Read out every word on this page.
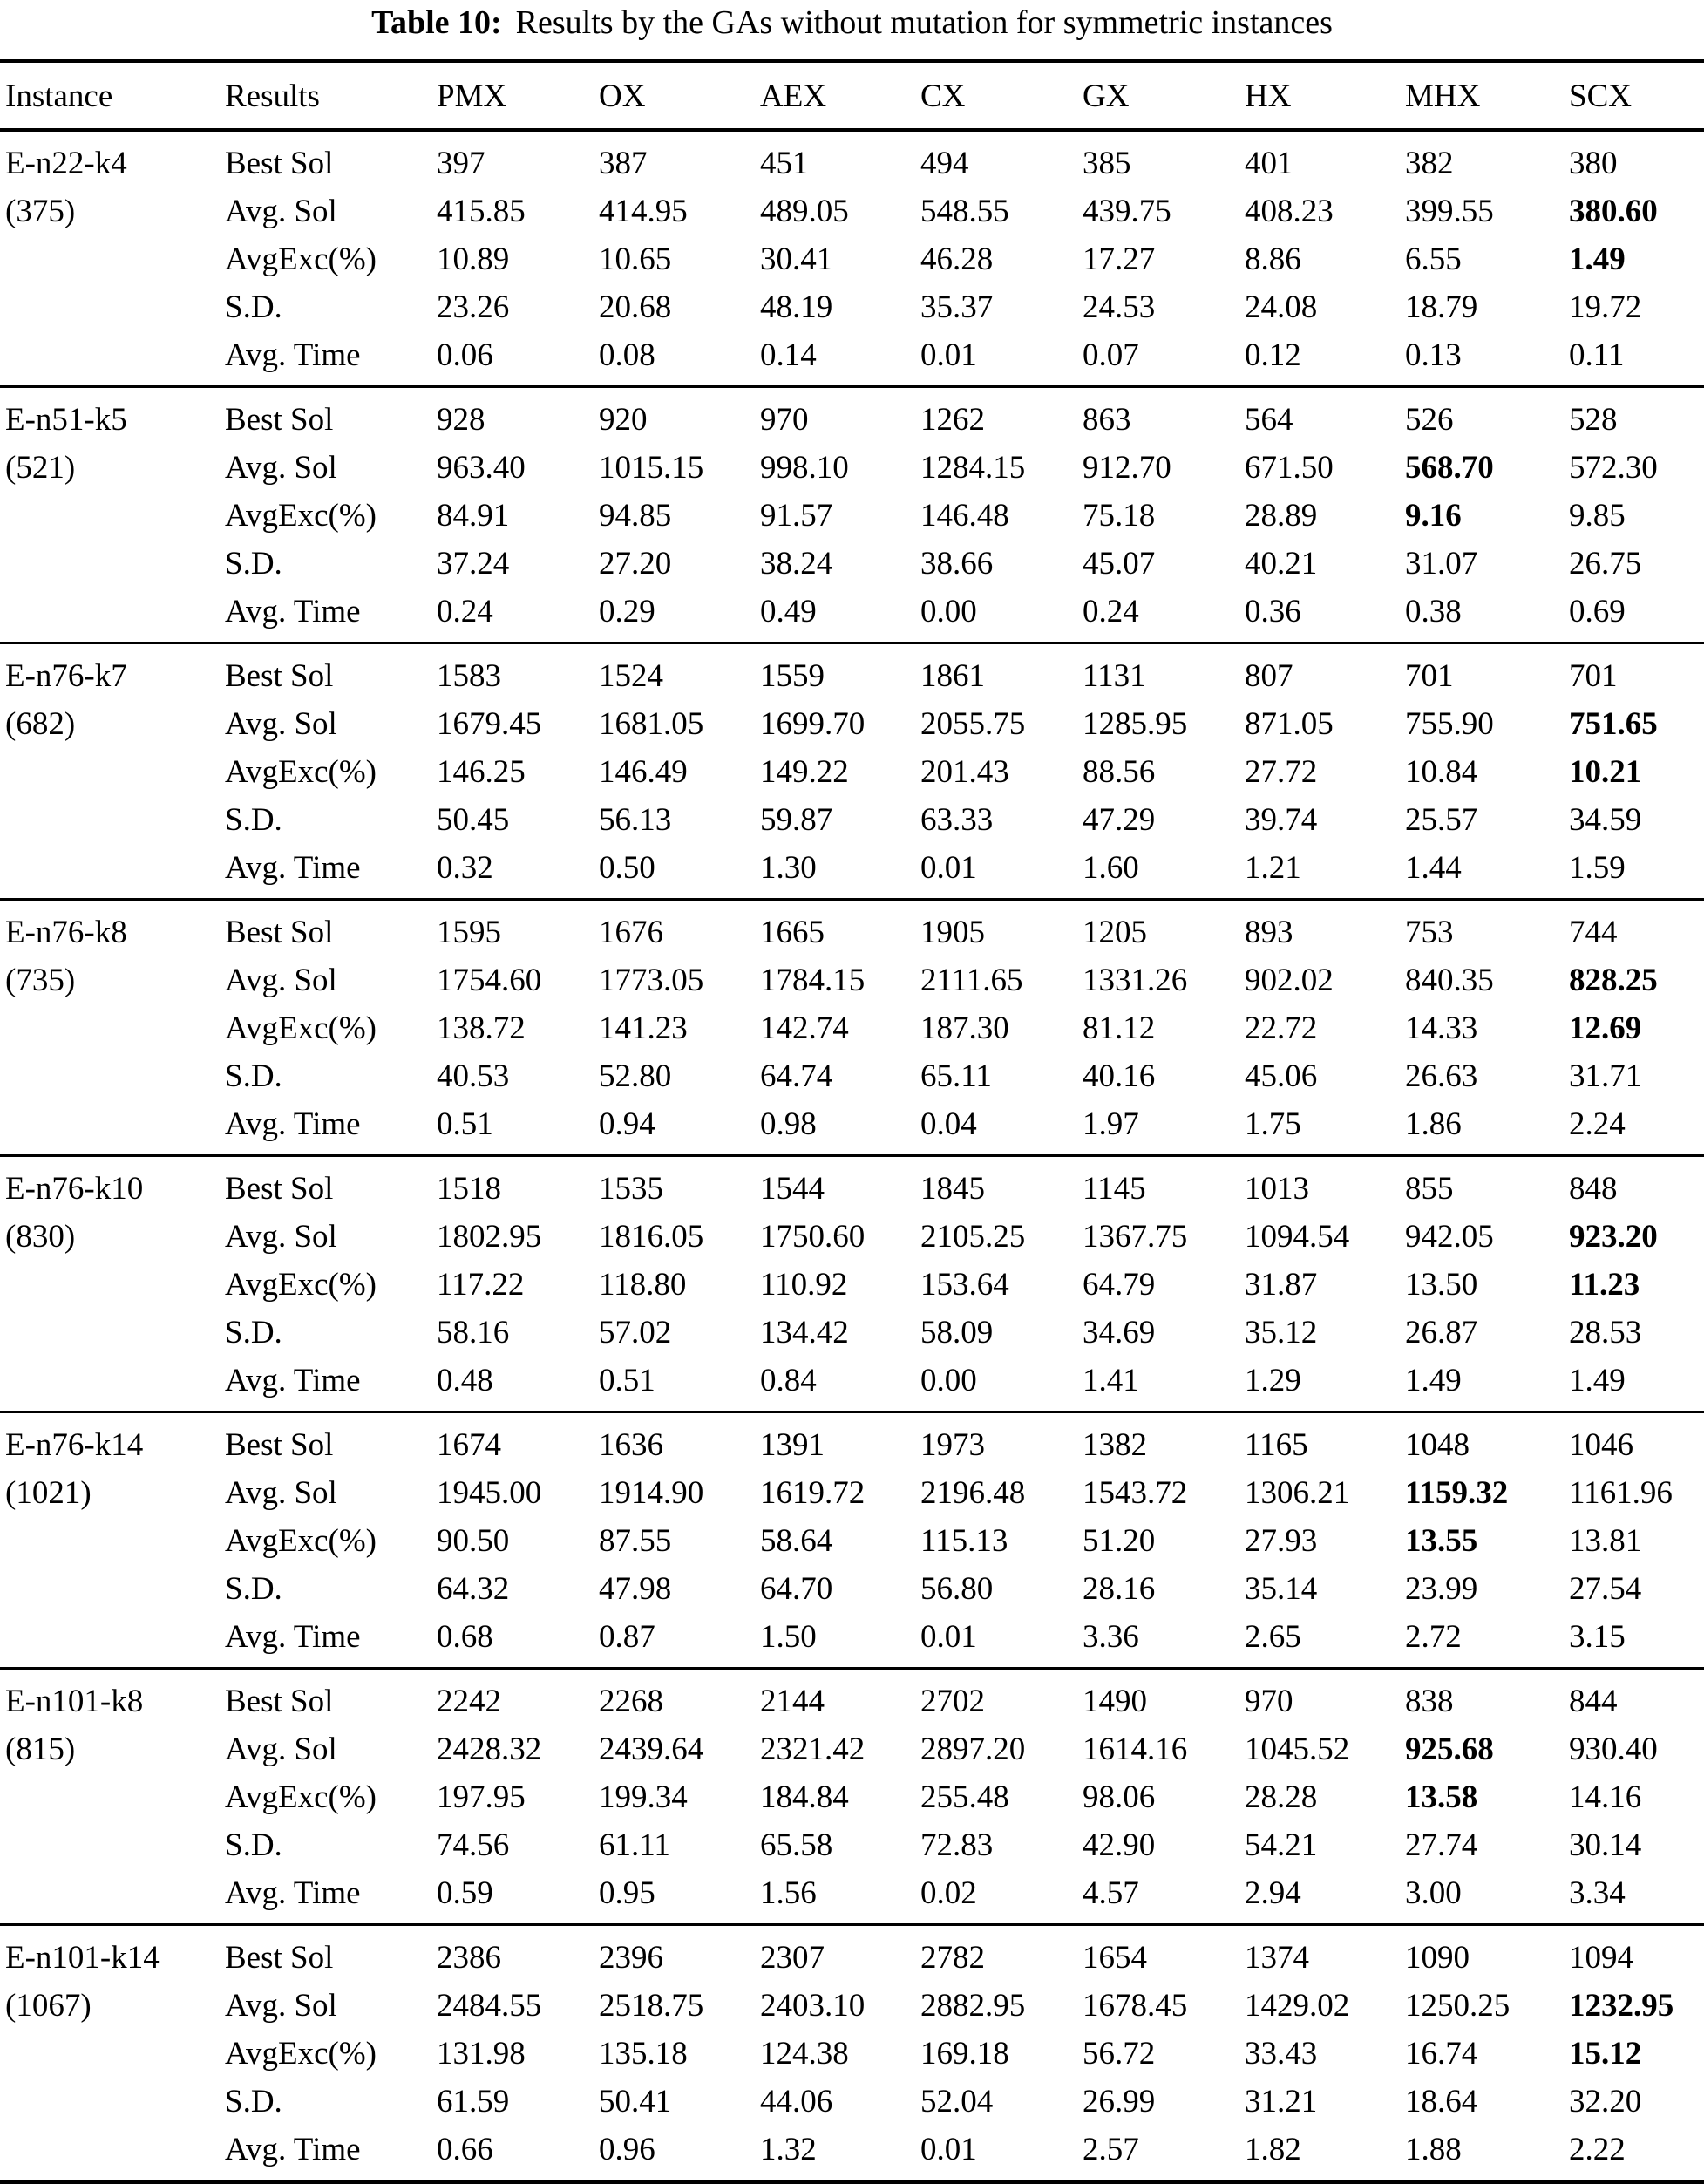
Table 10: Results by the GAs without mutation for symmetric instances
Instance	Results	PMX	OX	AEX	CX	GX	HX	MHX	SCX
E-n22-k4	Best Sol	397	387	451	494	385	401	382	380
(375)	Avg. Sol	415.85	414.95	489.05	548.55	439.75	408.23	399.55	380.60
	AvgExc(%)	10.89	10.65	30.41	46.28	17.27	8.86	6.55	1.49
	S.D.	23.26	20.68	48.19	35.37	24.53	24.08	18.79	19.72
	Avg. Time	0.06	0.08	0.14	0.01	0.07	0.12	0.13	0.11
E-n51-k5	Best Sol	928	920	970	1262	863	564	526	528
(521)	Avg. Sol	963.40	1015.15	998.10	1284.15	912.70	671.50	568.70	572.30
	AvgExc(%)	84.91	94.85	91.57	146.48	75.18	28.89	9.16	9.85
	S.D.	37.24	27.20	38.24	38.66	45.07	40.21	31.07	26.75
	Avg. Time	0.24	0.29	0.49	0.00	0.24	0.36	0.38	0.69
E-n76-k7	Best Sol	1583	1524	1559	1861	1131	807	701	701
(682)	Avg. Sol	1679.45	1681.05	1699.70	2055.75	1285.95	871.05	755.90	751.65
	AvgExc(%)	146.25	146.49	149.22	201.43	88.56	27.72	10.84	10.21
	S.D.	50.45	56.13	59.87	63.33	47.29	39.74	25.57	34.59
	Avg. Time	0.32	0.50	1.30	0.01	1.60	1.21	1.44	1.59
E-n76-k8	Best Sol	1595	1676	1665	1905	1205	893	753	744
(735)	Avg. Sol	1754.60	1773.05	1784.15	2111.65	1331.26	902.02	840.35	828.25
	AvgExc(%)	138.72	141.23	142.74	187.30	81.12	22.72	14.33	12.69
	S.D.	40.53	52.80	64.74	65.11	40.16	45.06	26.63	31.71
	Avg. Time	0.51	0.94	0.98	0.04	1.97	1.75	1.86	2.24
E-n76-k10	Best Sol	1518	1535	1544	1845	1145	1013	855	848
(830)	Avg. Sol	1802.95	1816.05	1750.60	2105.25	1367.75	1094.54	942.05	923.20
	AvgExc(%)	117.22	118.80	110.92	153.64	64.79	31.87	13.50	11.23
	S.D.	58.16	57.02	134.42	58.09	34.69	35.12	26.87	28.53
	Avg. Time	0.48	0.51	0.84	0.00	1.41	1.29	1.49	1.49
E-n76-k14	Best Sol	1674	1636	1391	1973	1382	1165	1048	1046
(1021)	Avg. Sol	1945.00	1914.90	1619.72	2196.48	1543.72	1306.21	1159.32	1161.96
	AvgExc(%)	90.50	87.55	58.64	115.13	51.20	27.93	13.55	13.81
	S.D.	64.32	47.98	64.70	56.80	28.16	35.14	23.99	27.54
	Avg. Time	0.68	0.87	1.50	0.01	3.36	2.65	2.72	3.15
E-n101-k8	Best Sol	2242	2268	2144	2702	1490	970	838	844
(815)	Avg. Sol	2428.32	2439.64	2321.42	2897.20	1614.16	1045.52	925.68	930.40
	AvgExc(%)	197.95	199.34	184.84	255.48	98.06	28.28	13.58	14.16
	S.D.	74.56	61.11	65.58	72.83	42.90	54.21	27.74	30.14
	Avg. Time	0.59	0.95	1.56	0.02	4.57	2.94	3.00	3.34
E-n101-k14	Best Sol	2386	2396	2307	2782	1654	1374	1090	1094
(1067)	Avg. Sol	2484.55	2518.75	2403.10	2882.95	1678.45	1429.02	1250.25	1232.95
	AvgExc(%)	131.98	135.18	124.38	169.18	56.72	33.43	16.74	15.12
	S.D.	61.59	50.41	44.06	52.04	26.99	31.21	18.64	32.20
	Avg. Time	0.66	0.96	1.32	0.01	2.57	1.82	1.88	2.22
